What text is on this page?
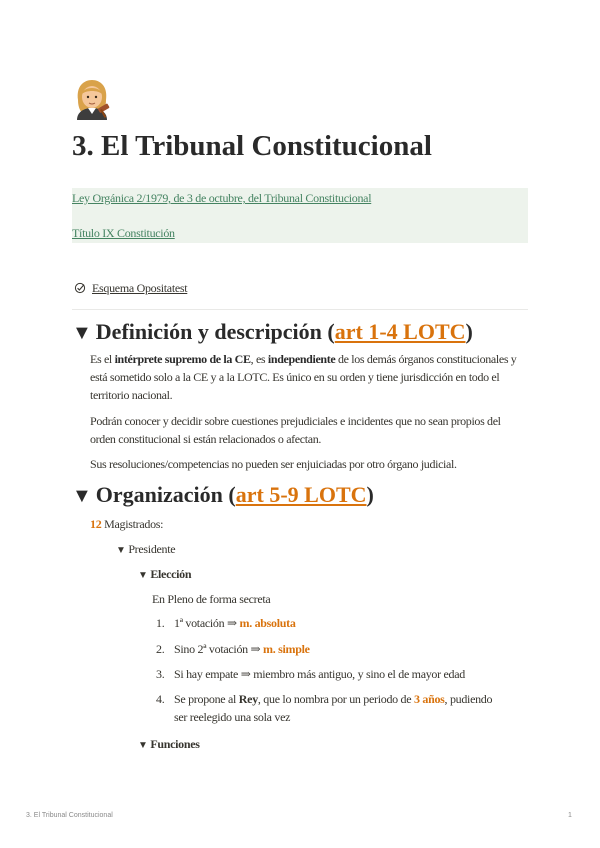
3. El Tribunal Constitucional
Ley Orgánica 2/1979, de 3 de octubre, del Tribunal Constitucional
Título IX Constitución
Esquema Opositatest
▼ Definición y descripción (art 1-4 LOTC)

Es el intérprete supremo de la CE, es independiente de los demás órganos constitucionales y está sometido solo a la CE y a la LOTC. Es único en su orden y tiene jurisdicción en todo el territorio nacional.

Podrán conocer y decidir sobre cuestiones prejudiciales e incidentes que no sean propios del orden constitucional si están relacionados o afectan.

Sus resoluciones/competencias no pueden ser enjuiciadas por otro órgano judicial.

▼ Organización (art 5-9 LOTC)
12 Magistrados:
▼ Presidente
▼ Elección
En Pleno de forma secreta
1. 1ª votación ⇒ m. absoluta
2. Sino 2ª votación ⇒ m. simple
3. Si hay empate ⇒ miembro más antiguo, y sino el de mayor edad
4. Se propone al Rey, que lo nombra por un periodo de 3 años, pudiendo
ser reelegido una sola vez
▼ Funciones
3. El Tribunal Constitucional	1
